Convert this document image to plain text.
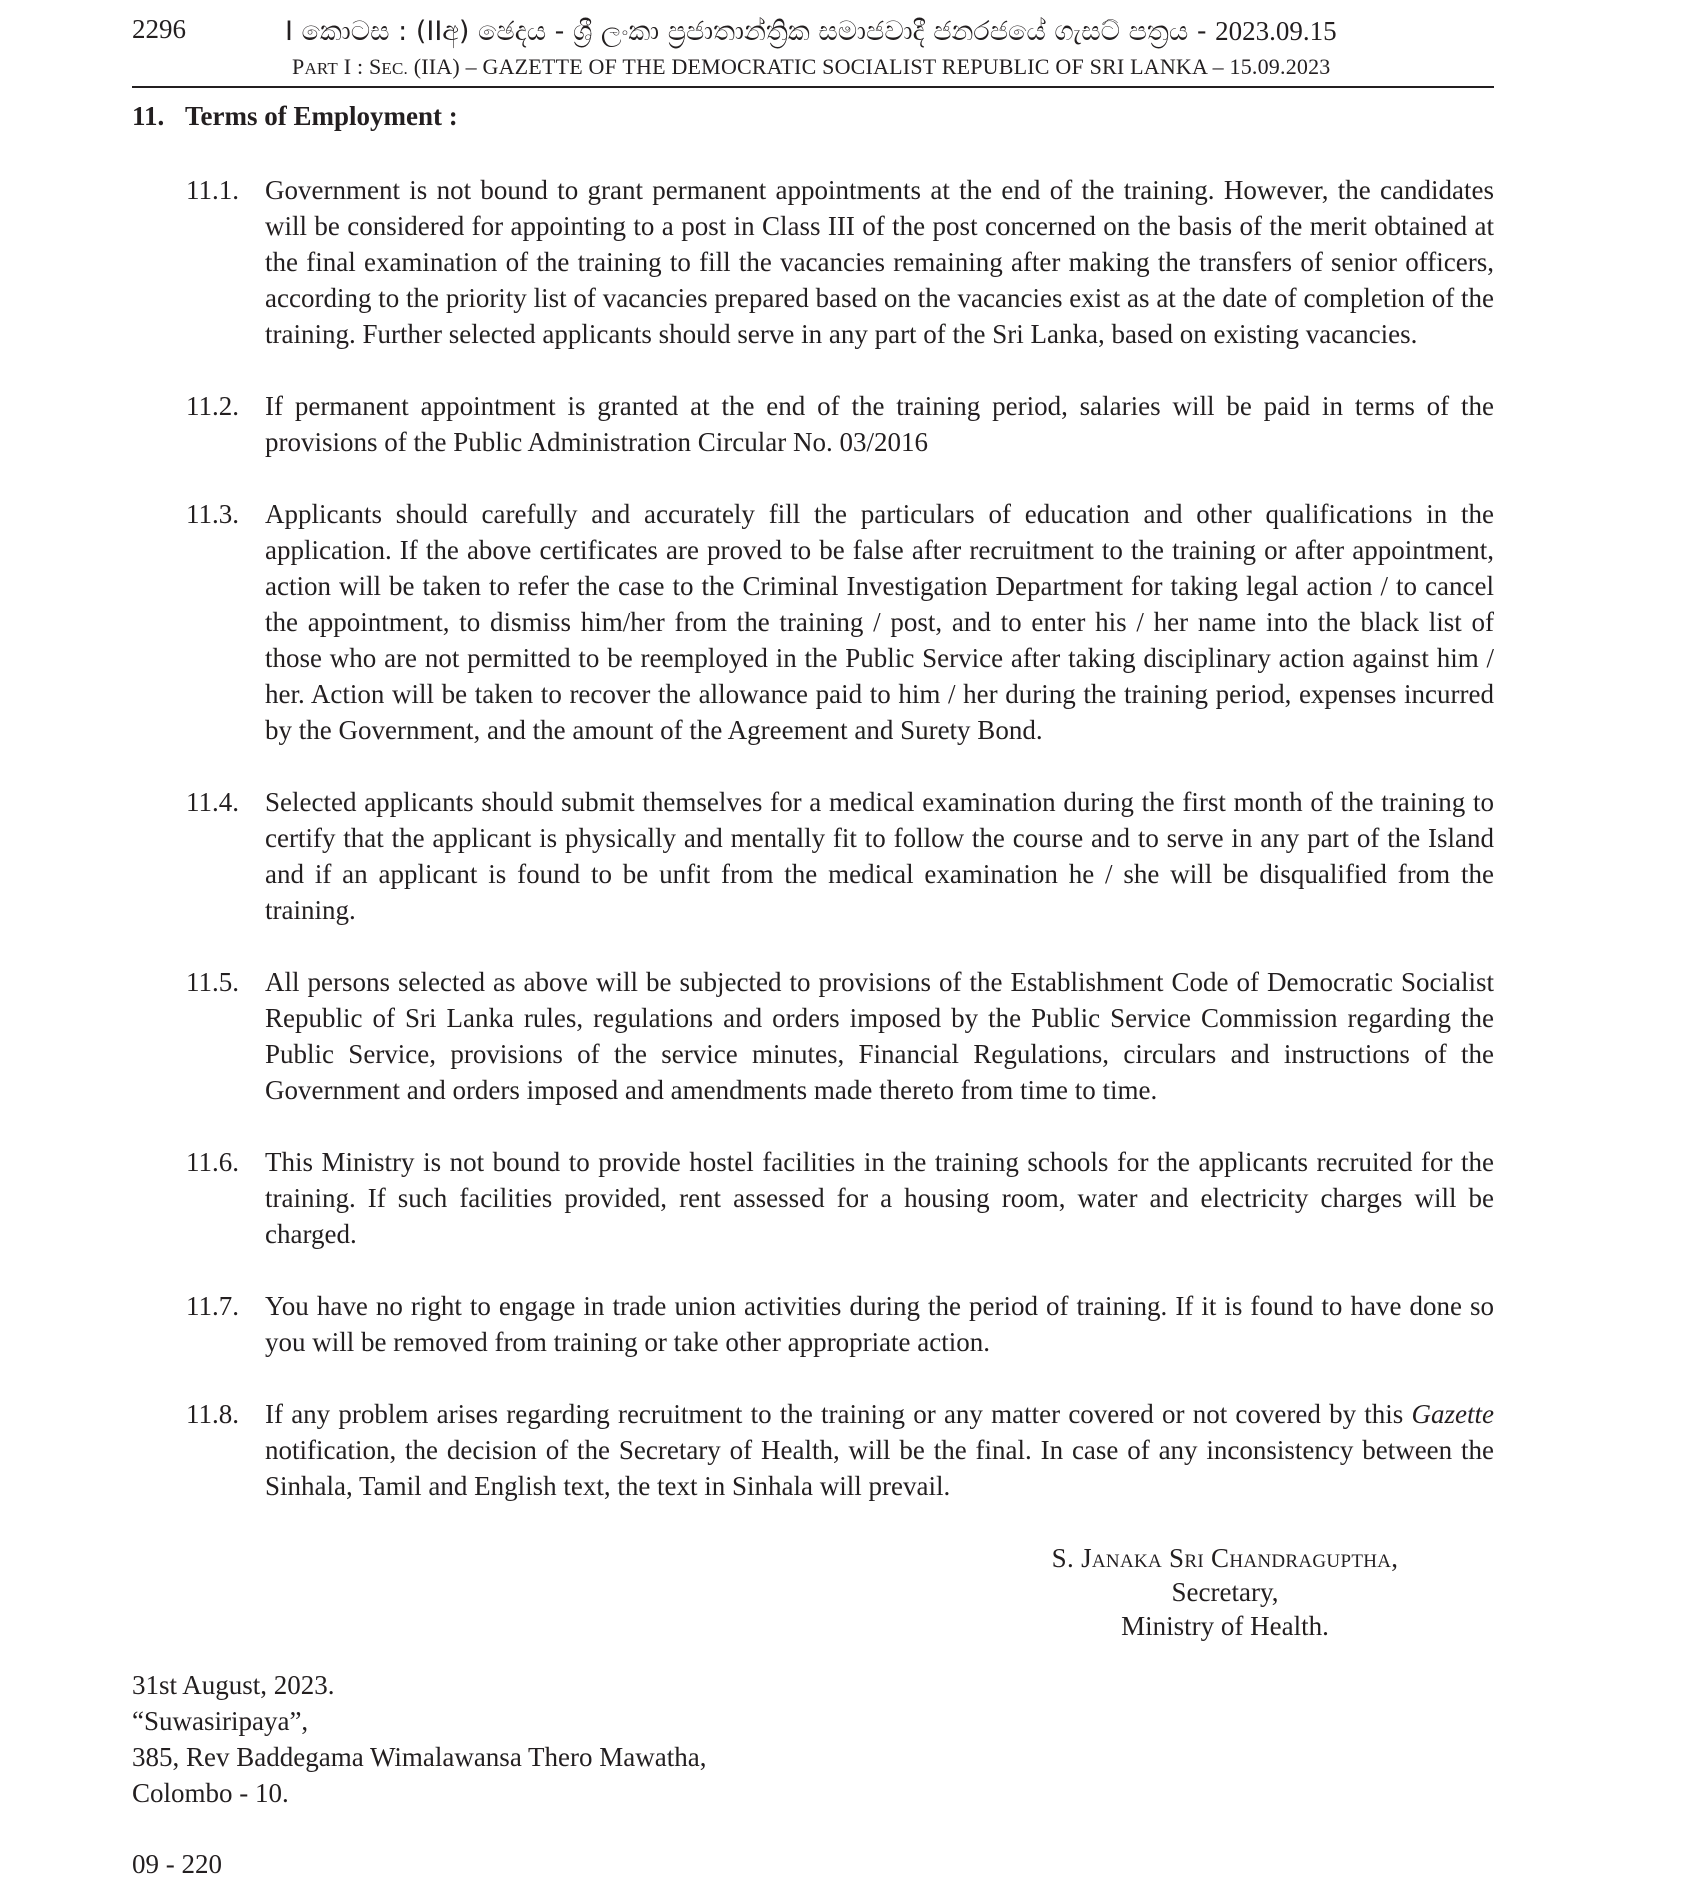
2296	I කොටස : (IIඅ) ඡෙදය - ශ්‍රී ලංකා ප්‍රජාතාන්ත්‍රික සමාජවාදී ජනරජයේ ගැසට් පත්‍රය - 2023.09.15
PART I : SEC. (IIA) – GAZETTE OF THE DEMOCRATIC SOCIALIST REPUBLIC OF SRI LANKA – 15.09.2023
11. Terms of Employment :
11.1. Government is not bound to grant permanent appointments at the end of the training. However, the candidates will be considered for appointing to a post in Class III of the post concerned on the basis of the merit obtained at the final examination of the training to fill the vacancies remaining after making the transfers of senior officers, according to the priority list of vacancies prepared based on the vacancies exist as at the date of completion of the training. Further selected applicants should serve in any part of the Sri Lanka, based on existing vacancies.
11.2. If permanent appointment is granted at the end of the training period, salaries will be paid in terms of the provisions of the Public Administration Circular No. 03/2016
11.3. Applicants should carefully and accurately fill the particulars of education and other qualifications in the application. If the above certificates are proved to be false after recruitment to the training or after appointment, action will be taken to refer the case to the Criminal Investigation Department for taking legal action / to cancel the appointment, to dismiss him/her from the training / post, and to enter his / her name into the black list of those who are not permitted to be reemployed in the Public Service after taking disciplinary action against him / her. Action will be taken to recover the allowance paid to him / her during the training period, expenses incurred by the Government, and the amount of the Agreement and Surety Bond.
11.4. Selected applicants should submit themselves for a medical examination during the first month of the training to certify that the applicant is physically and mentally fit to follow the course and to serve in any part of the Island and if an applicant is found to be unfit from the medical examination he / she will be disqualified from the training.
11.5. All persons selected as above will be subjected to provisions of the Establishment Code of Democratic Socialist Republic of Sri Lanka rules, regulations and orders imposed by the Public Service Commission regarding the Public Service, provisions of the service minutes, Financial Regulations, circulars and instructions of the Government and orders imposed and amendments made thereto from time to time.
11.6. This Ministry is not bound to provide hostel facilities in the training schools for the applicants recruited for the training. If such facilities provided, rent assessed for a housing room, water and electricity charges will be charged.
11.7. You have no right to engage in trade union activities during the period of training. If it is found to have done so you will be removed from training or take other appropriate action.
11.8. If any problem arises regarding recruitment to the training or any matter covered or not covered by this Gazette notification, the decision of the Secretary of Health, will be the final. In case of any inconsistency between the Sinhala, Tamil and English text, the text in Sinhala will prevail.
S. Janaka Sri Chandraguptha,
Secretary,
Ministry of Health.
31st August, 2023.
“Suwasiripaya”,
385, Rev Baddegama Wimalawansa Thero Mawatha,
Colombo - 10.
09 - 220
